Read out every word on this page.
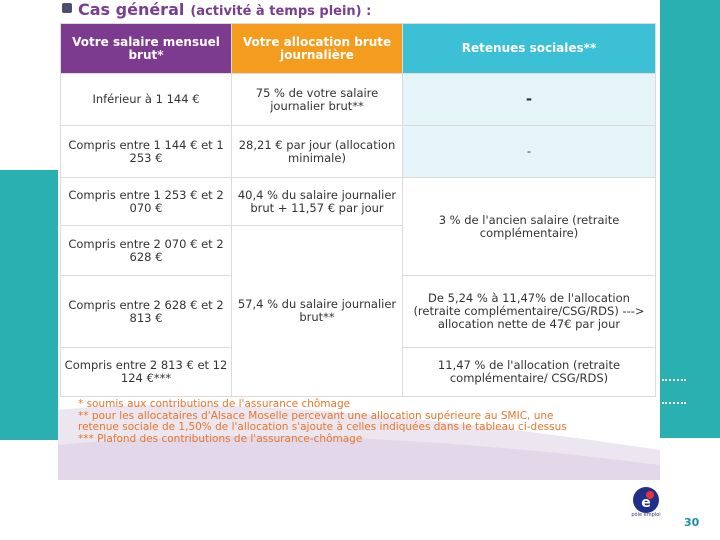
Cas général (activité à temps plein) :
Votre salaire mensuel brut*	Votre allocation brute journalière	Retenues sociales**
Inférieur à 1 144 €	75 % de votre salaire journalier brut**	-
Compris entre 1 144 € et 1 253 €	28,21 € par jour (allocation minimale)	-
Compris entre 1 253 € et 2 070 €	40,4 % du salaire journalier brut + 11,57 € par jour	3 % de l'ancien salaire (retraite complémentaire)
Compris entre 2 070 € et 2 628 €	57,4 % du salaire journalier brut**	
Compris entre 2 628 € et 2 813 €		De 5,24 % à 11,47% de l'allocation (retraite complémentaire/CSG/RDS) ---> allocation nette de 47€ par jour
Compris entre 2 813 € et 12 124 €***		11,47 % de l'allocation (retraite complémentaire/ CSG/RDS)
* soumis aux contributions de l'assurance chômage
** pour les allocataires d'Alsace Moselle percevant une allocation supérieure au SMIC, une
retenue sociale de 1,50% de l'allocation s'ajoute à celles indiquées dans le tableau ci-dessus
*** Plafond des contributions de l'assurance-chômage
e
pôle emploi
30
